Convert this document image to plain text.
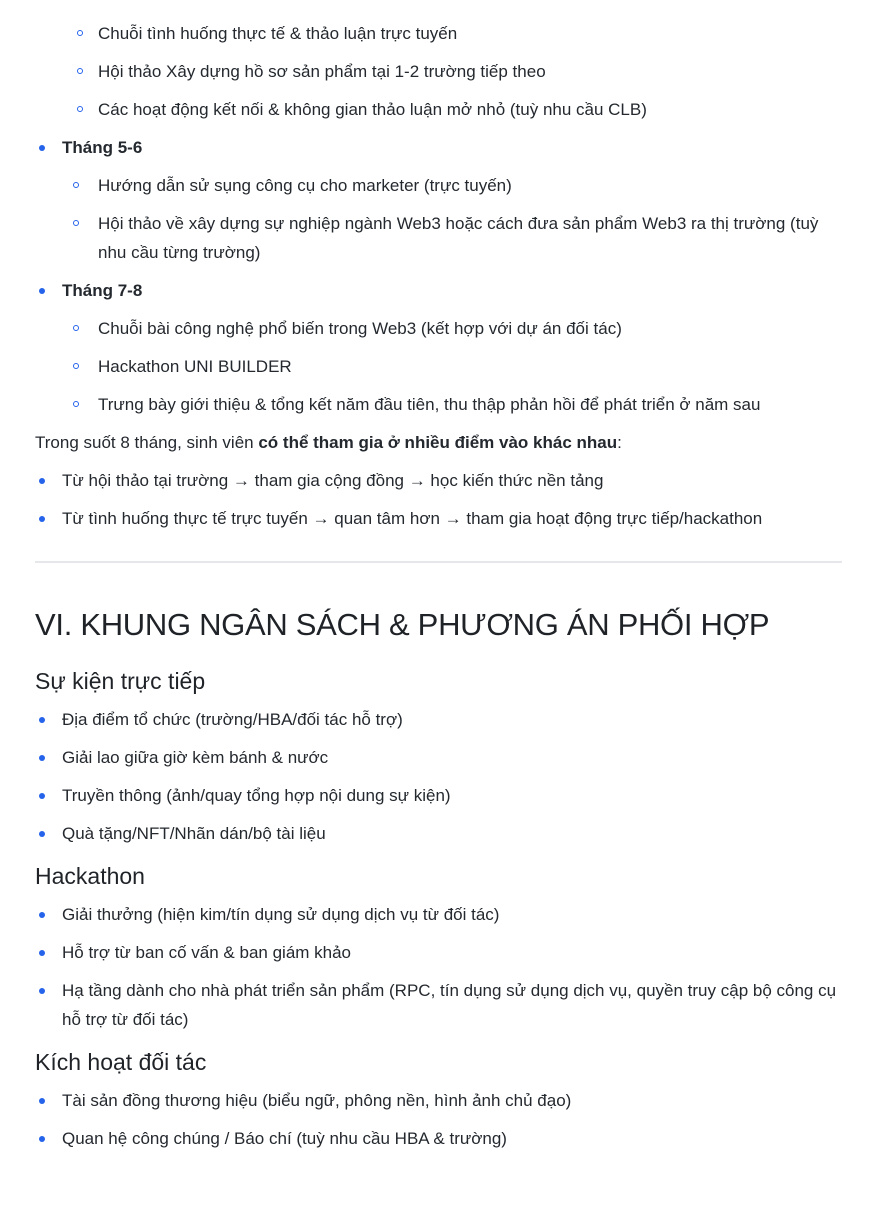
Chuỗi tình huống thực tế & thảo luận trực tuyến
Hội thảo Xây dựng hồ sơ sản phẩm tại 1-2 trường tiếp theo
Các hoạt động kết nối & không gian thảo luận mở nhỏ (tuỳ nhu cầu CLB)
Tháng 5-6
Hướng dẫn sử sụng công cụ cho marketer (trực tuyến)
Hội thảo về xây dựng sự nghiệp ngành Web3 hoặc cách đưa sản phẩm Web3 ra thị trường (tuỳ nhu cầu từng trường)
Tháng 7-8
Chuỗi bài công nghệ phổ biến trong Web3 (kết hợp với dự án đối tác)
Hackathon UNI BUILDER
Trưng bày giới thiệu & tổng kết năm đầu tiên, thu thập phản hồi để phát triển ở năm sau

Trong suốt 8 tháng, sinh viên có thể tham gia ở nhiều điểm vào khác nhau:

Từ hội thảo tại trường → tham gia cộng đồng → học kiến thức nền tảng
Từ tình huống thực tế trực tuyến → quan tâm hơn → tham gia hoạt động trực tiếp/hackathon
VI. KHUNG NGÂN SÁCH & PHƯƠNG ÁN PHỐI HỢP
Sự kiện trực tiếp
Địa điểm tổ chức (trường/HBA/đối tác hỗ trợ)
Giải lao giữa giờ kèm bánh & nước
Truyền thông (ảnh/quay tổng hợp nội dung sự kiện)
Quà tặng/NFT/Nhãn dán/bộ tài liệu
Hackathon
Giải thưởng (hiện kim/tín dụng sử dụng dịch vụ từ đối tác)
Hỗ trợ từ ban cố vấn & ban giám khảo
Hạ tầng dành cho nhà phát triển sản phẩm (RPC, tín dụng sử dụng dịch vụ, quyền truy cập bộ công cụ hỗ trợ từ đối tác)
Kích hoạt đối tác
Tài sản đồng thương hiệu (biểu ngữ, phông nền, hình ảnh chủ đạo)
Quan hệ công chúng / Báo chí (tuỳ nhu cầu HBA & trường)
